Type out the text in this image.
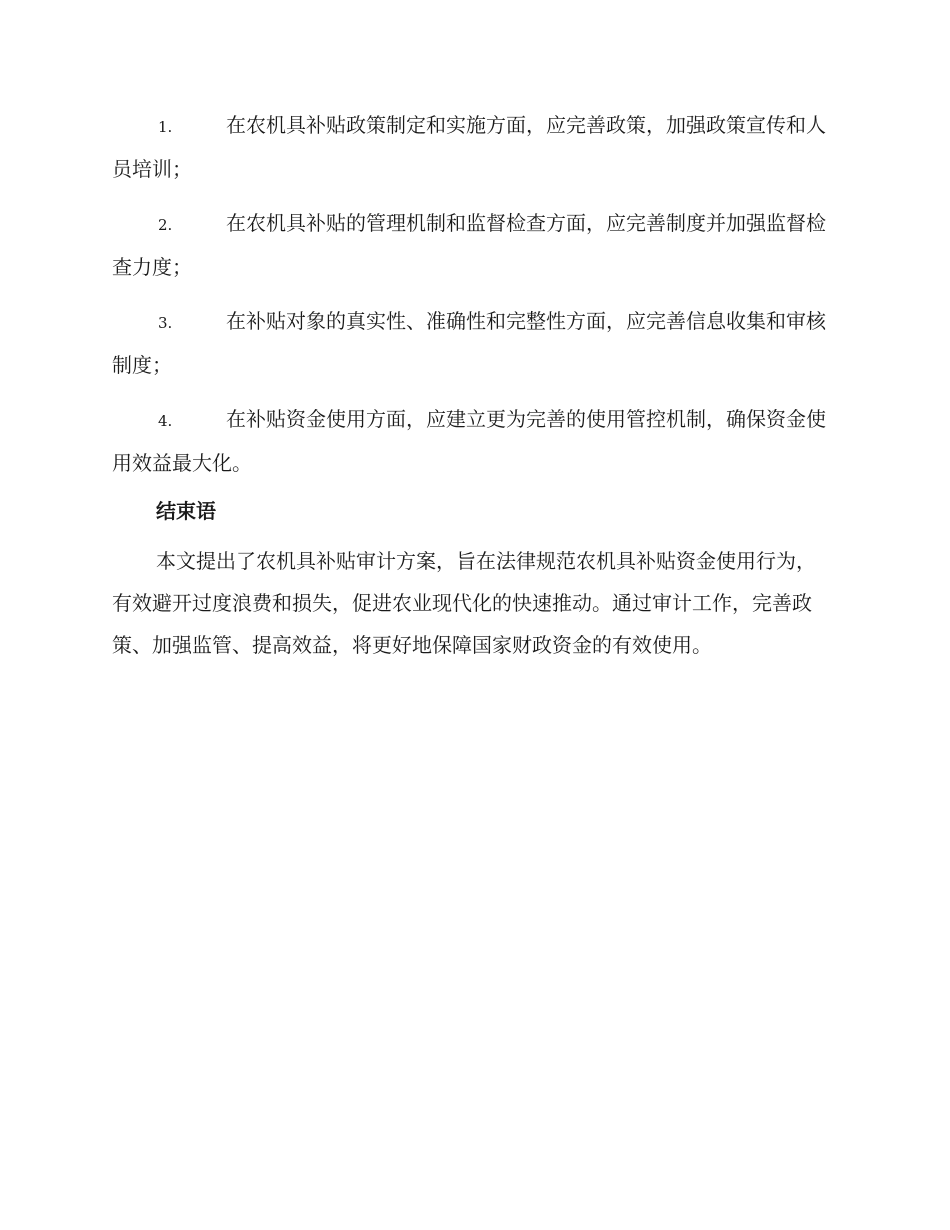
1.	在农机具补贴政策制定和实施方面，应完善政策，加强政策宣传和人员培训；

2.	在农机具补贴的管理机制和监督检查方面，应完善制度并加强监督检查力度；

3.	在补贴对象的真实性、准确性和完整性方面，应完善信息收集和审核制度；

4.	在补贴资金使用方面，应建立更为完善的使用管控机制，确保资金使用效益最大化。

结束语

本文提出了农机具补贴审计方案，旨在法律规范农机具补贴资金使用行为，有效避开过度浪费和损失，促进农业现代化的快速推动。通过审计工作，完善政策、加强监管、提高效益，将更好地保障国家财政资金的有效使用。
